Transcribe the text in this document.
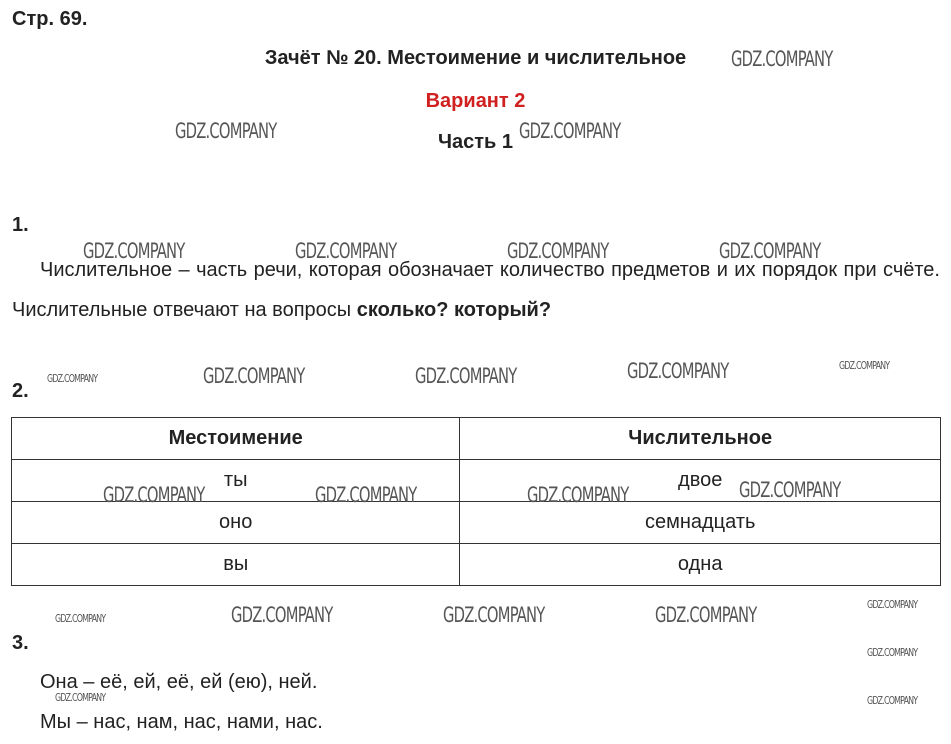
Стр. 69.
Зачёт № 20. Местоимение и числительное
Вариант 2
Часть 1
1.
Числительное – часть речи, которая обозначает количество предметов и их порядок при счёте. Числительные отвечают на вопросы сколько? который?
2.
Местоимение	Числительное
ты	двое
оно	семнадцать
вы	одна
3.
Она – её, ей, её, ей (ею), ней.
Мы – нас, нам, нас, нами, нас.
GDZ.COMPANY
GDZ.COMPANY	GDZ.COMPANY
GDZ.COMPANY	GDZ.COMPANY	GDZ.COMPANY	GDZ.COMPANY
GDZ.COMPANY	GDZ.COMPANY	GDZ.COMPANY	GDZ.COMPANY	GDZ.COMPANY
GDZ.COMPANY	GDZ.COMPANY	GDZ.COMPANY	GDZ.COMPANY
GDZ.COMPANY	GDZ.COMPANY	GDZ.COMPANY	GDZ.COMPANY	GDZ.COMPANY
GDZ.COMPANY
GDZ.COMPANY	GDZ.COMPANY
